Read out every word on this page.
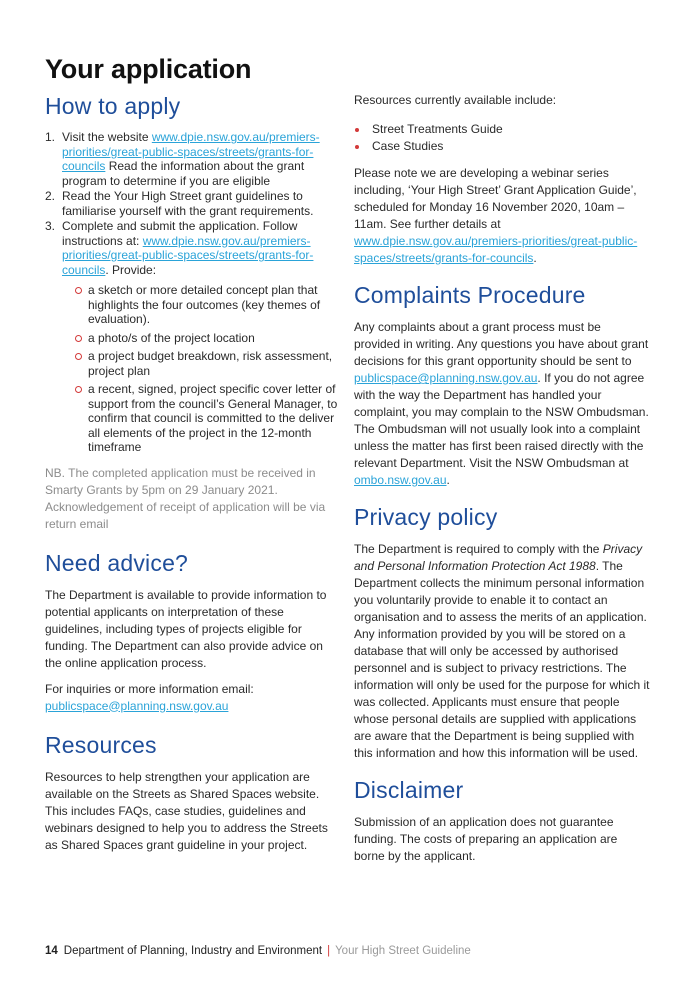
Your application
How to apply
1. Visit the website www.dpie.nsw.gov.au/premiers-priorities/great-public-spaces/streets/grants-for-councils Read the information about the grant program to determine if you are eligible
2. Read the Your High Street grant guidelines to familiarise yourself with the grant requirements.
3. Complete and submit the application. Follow instructions at: www.dpie.nsw.gov.au/premiers-priorities/great-public-spaces/streets/grants-for-councils. Provide:
a sketch or more detailed concept plan that highlights the four outcomes (key themes of evaluation).
a photo/s of the project location
a project budget breakdown, risk assessment, project plan
a recent, signed, project specific cover letter of support from the council’s General Manager, to confirm that council is committed to the deliver all elements of the project in the 12-month timeframe

NB. The completed application must be received in Smarty Grants by 5pm on 29 January 2021. Acknowledgement of receipt of application will be via return email

Need advice?

The Department is available to provide information to potential applicants on interpretation of these guidelines, including types of projects eligible for funding. The Department can also provide advice on the online application process.

For inquiries or more information email:

publicspace@planning.nsw.gov.au

Resources

Resources to help strengthen your application are available on the Streets as Shared Spaces website. This includes FAQs, case studies, guidelines and webinars designed to help you to address the Streets as Shared Spaces grant guideline in your project.

Resources currently available include:

Street Treatments Guide
Case Studies

Please note we are developing a webinar series including, ‘Your High Street’ Grant Application Guide’, scheduled for Monday 16 November 2020, 10am – 11am. See further details at www.dpie.nsw.gov.au/premiers-priorities/great-public-spaces/streets/grants-for-councils.

Complaints Procedure

Any complaints about a grant process must be provided in writing. Any questions you have about grant decisions for this grant opportunity should be sent to publicspace@planning.nsw.gov.au. If you do not agree with the way the Department has handled your complaint, you may complain to the NSW Ombudsman. The Ombudsman will not usually look into a complaint unless the matter has first been raised directly with the relevant Department. Visit the NSW Ombudsman at ombo.nsw.gov.au.

Privacy policy

The Department is required to comply with the Privacy and Personal Information Protection Act 1988. The Department collects the minimum personal information you voluntarily provide to enable it to contact an organisation and to assess the merits of an application. Any information provided by you will be stored on a database that will only be accessed by authorised personnel and is subject to privacy restrictions. The information will only be used for the purpose for which it was collected. Applicants must ensure that people whose personal details are supplied with applications are aware that the Department is being supplied with this information and how this information will be used.

Disclaimer

Submission of an application does not guarantee funding. The costs of preparing an application are borne by the applicant.

14 Department of Planning, Industry and Environment | Your High Street Guideline
